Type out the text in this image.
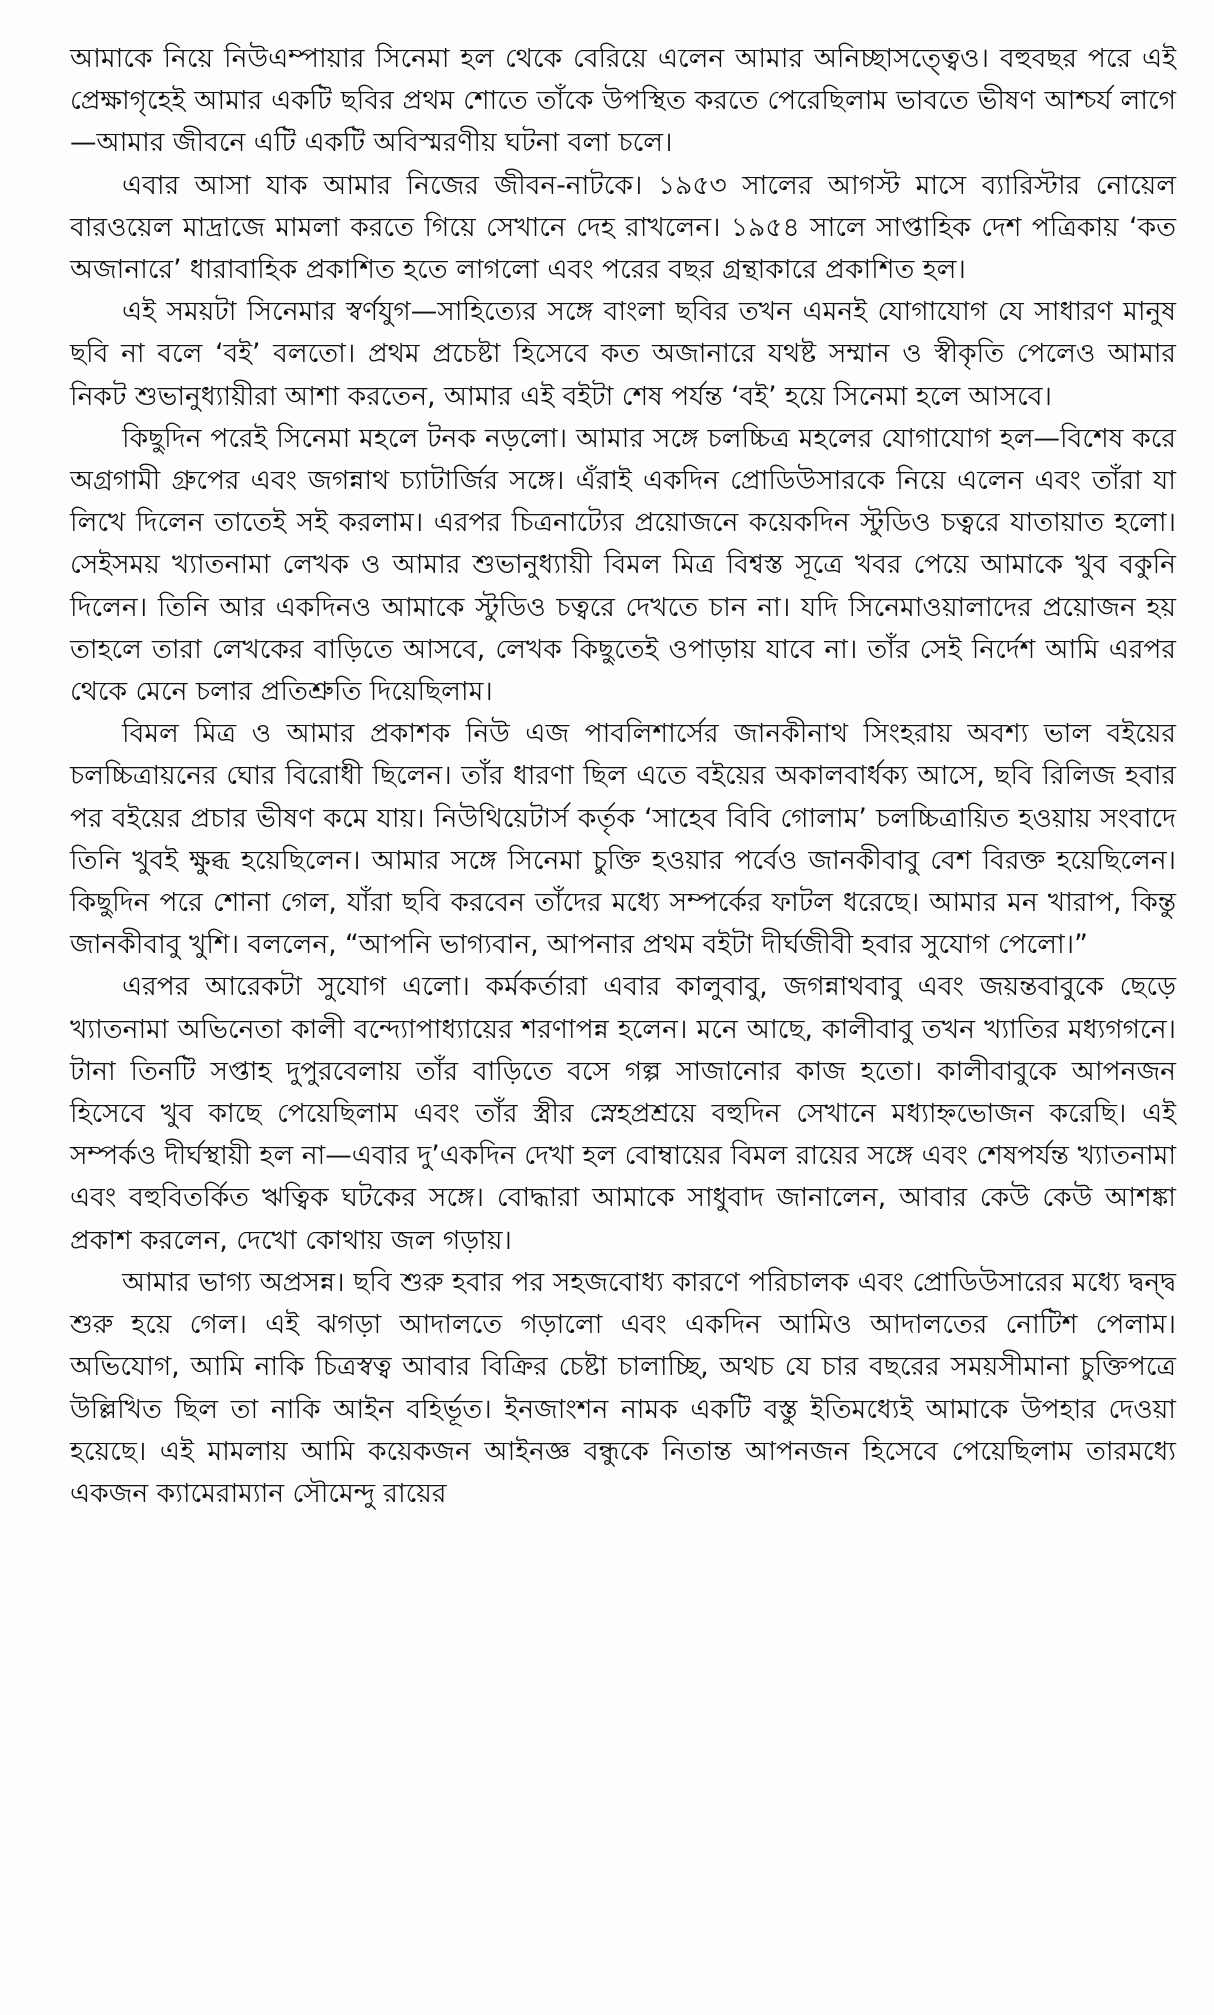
আমাকে নিয়ে নিউএম্পায়ার সিনেমা হল থেকে বেরিয়ে এলেন আমার অনিচ্ছাসত্ত্বেও। বহুবছর পরে এই প্রেক্ষাগৃহেই আমার একটি ছবির প্রথম শোতে তাঁকে উপস্থিত করতে পেরেছিলাম ভাবতে ভীষণ আশ্চর্য লাগে—আমার জীবনে এটি একটি অবিস্মরণীয় ঘটনা বলা চলে।

এবার আসা যাক আমার নিজের জীবন-নাটকে। ১৯৫৩ সালের আগস্ট মাসে ব্যারিস্টার নোয়েল বারওয়েল মাদ্রাজে মামলা করতে গিয়ে সেখানে দেহ রাখলেন। ১৯৫৪ সালে সাপ্তাহিক দেশ পত্রিকায় ‘কত অজানারে’ ধারাবাহিক প্রকাশিত হতে লাগলো এবং পরের বছর গ্রন্থাকারে প্রকাশিত হল।

এই সময়টা সিনেমার স্বর্ণযুগ—সাহিত্যের সঙ্গে বাংলা ছবির তখন এমনই যোগাযোগ যে সাধারণ মানুষ ছবি না বলে ‘বই’ বলতো। প্রথম প্রচেষ্টা হিসেবে কত অজানারে যথষ্ট সম্মান ও স্বীকৃতি পেলেও আমার নিকট শুভানুধ্যায়ীরা আশা করতেন, আমার এই বইটা শেষ পর্যন্ত ‘বই’ হয়ে সিনেমা হলে আসবে।

কিছুদিন পরেই সিনেমা মহলে টনক নড়লো। আমার সঙ্গে চলচ্চিত্র মহলের যোগাযোগ হল—বিশেষ করে অগ্রগামী গ্রুপের এবং জগন্নাথ চ্যাটার্জির সঙ্গে। এঁরাই একদিন প্রোডিউসারকে নিয়ে এলেন এবং তাঁরা যা লিখে দিলেন তাতেই সই করলাম। এরপর চিত্রনাট্যের প্রয়োজনে কয়েকদিন স্টুডিও চত্বরে যাতায়াত হলো। সেইসময় খ্যাতনামা লেখক ও আমার শুভানুধ্যায়ী বিমল মিত্র বিশ্বস্ত সূত্রে খবর পেয়ে আমাকে খুব বকুনি দিলেন। তিনি আর একদিনও আমাকে স্টুডিও চত্বরে দেখতে চান না। যদি সিনেমাওয়ালাদের প্রয়োজন হয় তাহলে তারা লেখকের বাড়িতে আসবে, লেখক কিছুতেই ওপাড়ায় যাবে না। তাঁর সেই নির্দেশ আমি এরপর থেকে মেনে চলার প্রতিশ্রুতি দিয়েছিলাম।

বিমল মিত্র ও আমার প্রকাশক নিউ এজ পাবলিশার্সের জানকীনাথ সিংহরায় অবশ্য ভাল বইয়ের চলচ্চিত্রায়নের ঘোর বিরোধী ছিলেন। তাঁর ধারণা ছিল এতে বইয়ের অকালবার্ধক্য আসে, ছবি রিলিজ হবার পর বইয়ের প্রচার ভীষণ কমে যায়। নিউথিয়েটার্স কর্তৃক ‘সাহেব বিবি গোলাম’ চলচ্চিত্রায়িত হওয়ায় সংবাদে তিনি খুবই ক্ষুব্ধ হয়েছিলেন। আমার সঙ্গে সিনেমা চুক্তি হওয়ার পর্বেও জানকীবাবু বেশ বিরক্ত হয়েছিলেন। কিছুদিন পরে শোনা গেল, যাঁরা ছবি করবেন তাঁদের মধ্যে সম্পর্কের ফাটল ধরেছে। আমার মন খারাপ, কিন্তু জানকীবাবু খুশি। বললেন, “আপনি ভাগ্যবান, আপনার প্রথম বইটা দীর্ঘজীবী হবার সুযোগ পেলো।”

এরপর আরেকটা সুযোগ এলো। কর্মকর্তারা এবার কালুবাবু, জগন্নাথবাবু এবং জয়ন্তবাবুকে ছেড়ে খ্যাতনামা অভিনেতা কালী বন্দ্যোপাধ্যায়ের শরণাপন্ন হলেন। মনে আছে, কালীবাবু তখন খ্যাতির মধ্যগগনে। টানা তিনটি সপ্তাহ দুপুরবেলায় তাঁর বাড়িতে বসে গল্প সাজানোর কাজ হতো। কালীবাবুকে আপনজন হিসেবে খুব কাছে পেয়েছিলাম এবং তাঁর স্ত্রীর স্নেহপ্রশ্রয়ে বহুদিন সেখানে মধ্যাহ্নভোজন করেছি। এই সম্পর্কও দীর্ঘস্থায়ী হল না—এবার দু’একদিন দেখা হল বোম্বায়ের বিমল রায়ের সঙ্গে এবং শেষপর্যন্ত খ্যাতনামা এবং বহুবিতর্কিত ঋত্বিক ঘটকের সঙ্গে। বোদ্ধারা আমাকে সাধুবাদ জানালেন, আবার কেউ কেউ আশঙ্কা প্রকাশ করলেন, দেখো কোথায় জল গড়ায়।

আমার ভাগ্য অপ্রসন্ন। ছবি শুরু হবার পর সহজবোধ্য কারণে পরিচালক এবং প্রোডিউসারের মধ্যে দ্বন্দ্ব শুরু হয়ে গেল। এই ঝগড়া আদালতে গড়ালো এবং একদিন আমিও আদালতের নোটিশ পেলাম। অভিযোগ, আমি নাকি চিত্রস্বত্ব আবার বিক্রির চেষ্টা চালাচ্ছি, অথচ যে চার বছরের সময়সীমানা চুক্তিপত্রে উল্লিখিত ছিল তা নাকি আইন বহির্ভূত। ইনজাংশন নামক একটি বস্তু ইতিমধ্যেই আমাকে উপহার দেওয়া হয়েছে। এই মামলায় আমি কয়েকজন আইনজ্ঞ বন্ধুকে নিতান্ত আপনজন হিসেবে পেয়েছিলাম তারমধ্যে একজন ক্যামেরাম্যান সৌমেন্দু রায়ের
